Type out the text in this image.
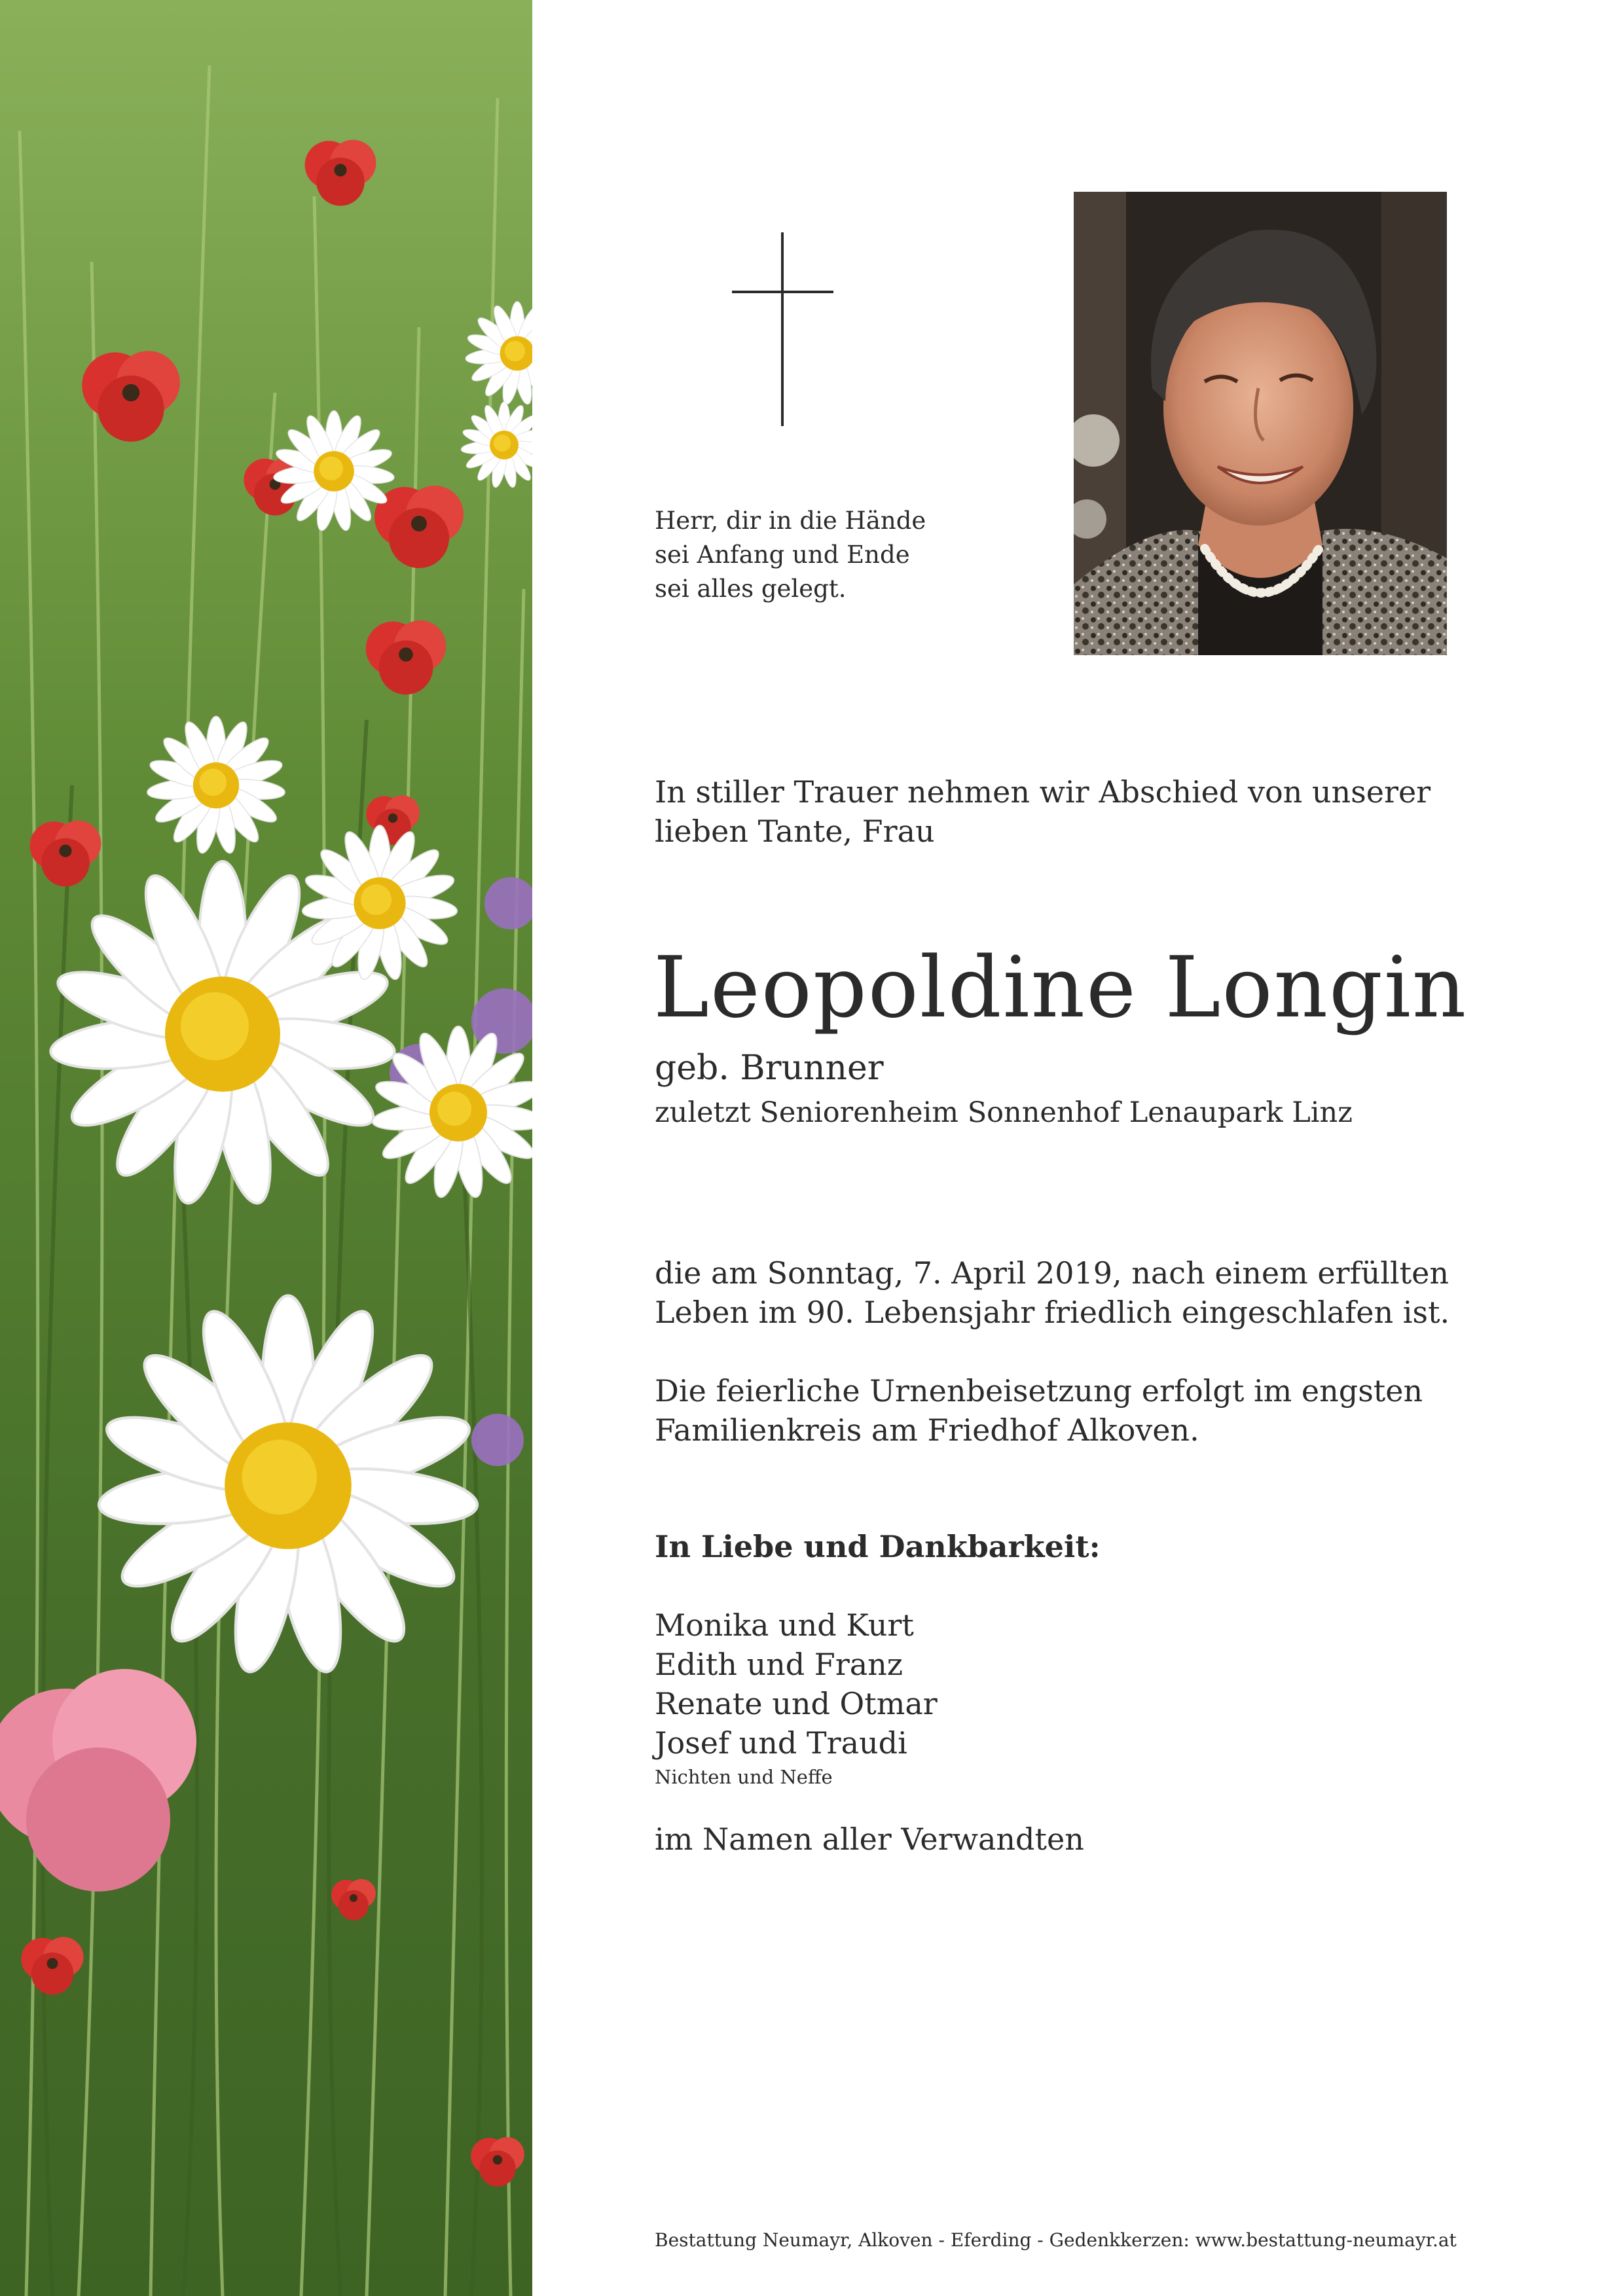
Herr, dir in die Hände
sei Anfang und Ende
sei alles gelegt.

In stiller Trauer nehmen wir Abschied von unserer
lieben Tante, Frau

Leopoldine Longin

geb. Brunner

zuletzt Seniorenheim Sonnenhof Lenaupark Linz

die am Sonntag, 7. April 2019, nach einem erfüllten
Leben im 90. Lebensjahr friedlich eingeschlafen ist.

Die feierliche Urnenbeisetzung erfolgt im engsten
Familienkreis am Friedhof Alkoven.

In Liebe und Dankbarkeit:

Monika und Kurt
Edith und Franz
Renate und Otmar
Josef und Traudi

Nichten und Neffe

im Namen aller Verwandten

Bestattung Neumayr, Alkoven - Eferding - Gedenkkerzen: www.bestattung-neumayr.at
